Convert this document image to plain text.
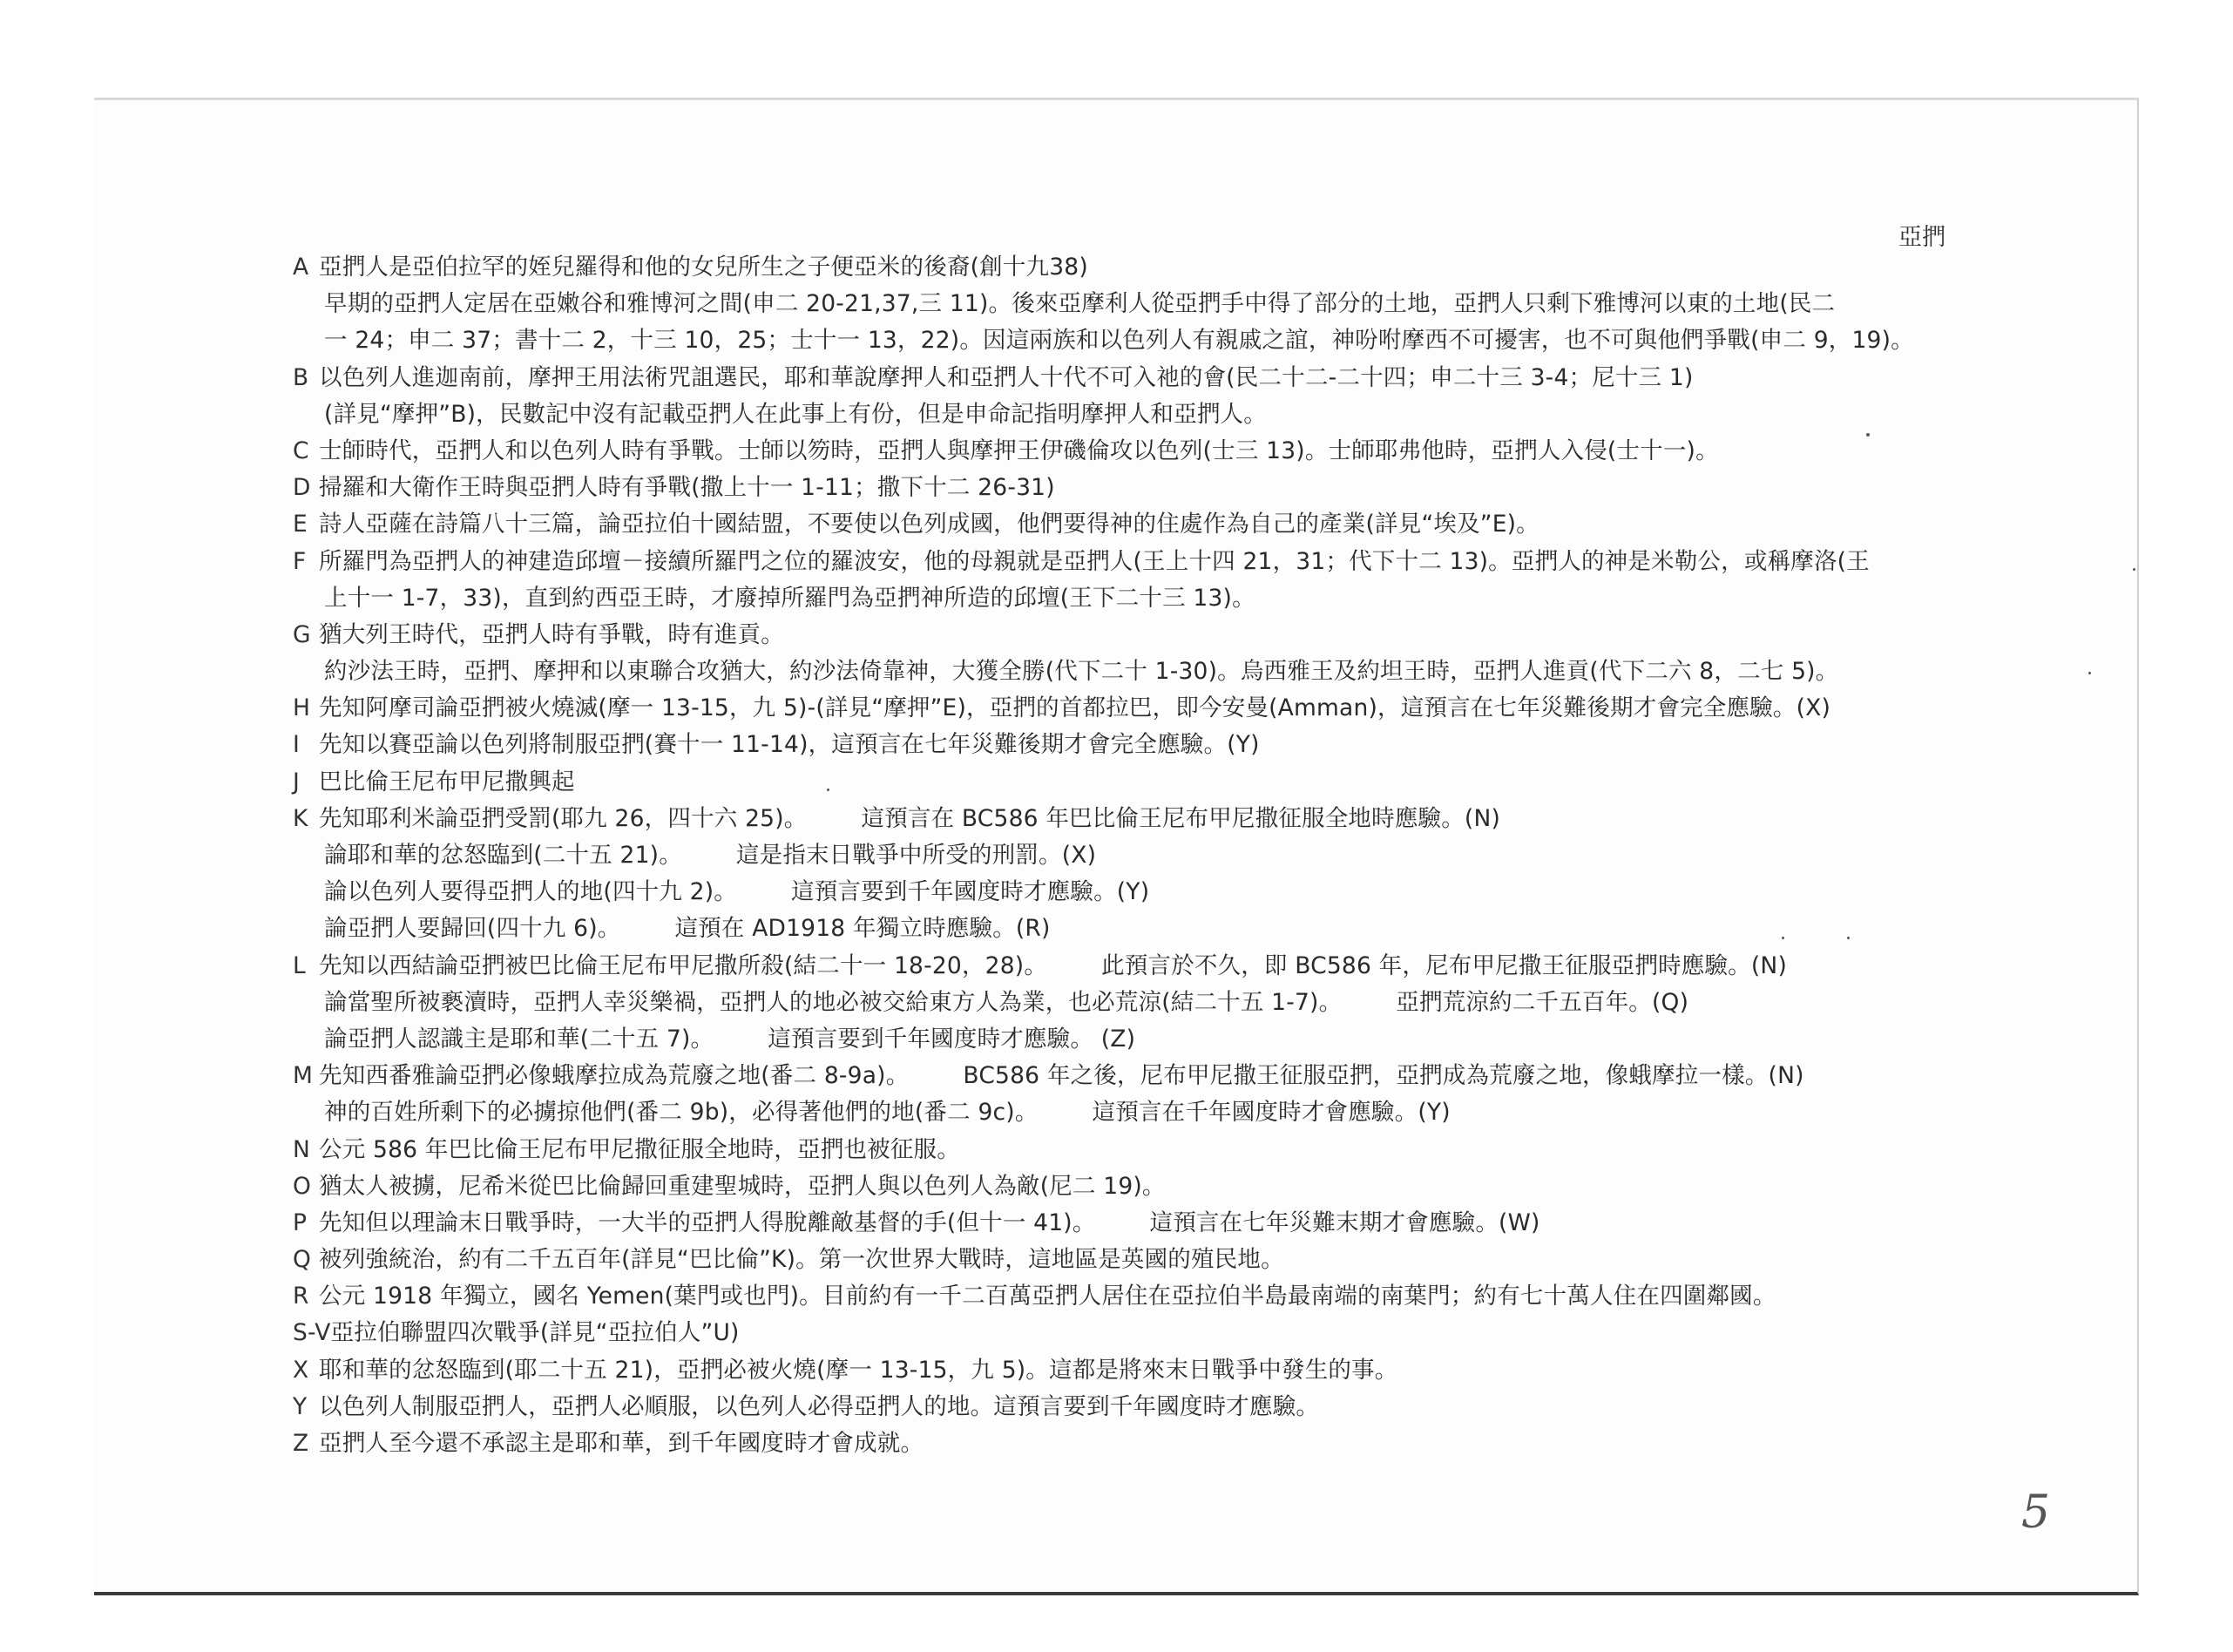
亞捫
A 亞捫人是亞伯拉罕的姪兒羅得和他的女兒所生之子便亞米的後裔(創十九38)
早期的亞捫人定居在亞嫩谷和雅博河之間(申二 20-21,37,三 11)。後來亞摩利人從亞捫手中得了部分的土地，亞捫人只剩下雅博河以東的土地(民二
一 24；申二 37；書十二 2，十三 10，25；士十一 13，22)。因這兩族和以色列人有親戚之誼，神吩咐摩西不可擾害，也不可與他們爭戰(申二 9，19)。
B 以色列人進迦南前，摩押王用法術咒詛選民，耶和華說摩押人和亞捫人十代不可入祂的會(民二十二-二十四；申二十三 3-4；尼十三 1)
(詳見“摩押”B)，民數記中沒有記載亞捫人在此事上有份，但是申命記指明摩押人和亞捫人。
C 士師時代，亞捫人和以色列人時有爭戰。士師以笏時，亞捫人與摩押王伊磯倫攻以色列(士三 13)。士師耶弗他時，亞捫人入侵(士十一)。
D 掃羅和大衛作王時與亞捫人時有爭戰(撒上十一 1-11；撒下十二 26-31)
E 詩人亞薩在詩篇八十三篇，論亞拉伯十國結盟，不要使以色列成國，他們要得神的住處作為自己的產業(詳見“埃及”E)。
F 所羅門為亞捫人的神建造邱壇－接續所羅門之位的羅波安，他的母親就是亞捫人(王上十四 21，31；代下十二 13)。亞捫人的神是米勒公，或稱摩洛(王
上十一 1-7，33)，直到約西亞王時，才廢掉所羅門為亞捫神所造的邱壇(王下二十三 13)。
G 猶大列王時代，亞捫人時有爭戰，時有進貢。
約沙法王時，亞捫、摩押和以東聯合攻猶大，約沙法倚靠神，大獲全勝(代下二十 1-30)。烏西雅王及約坦王時，亞捫人進貢(代下二六 8，二七 5)。
H 先知阿摩司論亞捫被火燒滅(摩一 13-15，九 5)-(詳見“摩押”E)，亞捫的首都拉巴，即今安曼(Amman)，這預言在七年災難後期才會完全應驗。(X)
I 先知以賽亞論以色列將制服亞捫(賽十一 11-14)，這預言在七年災難後期才會完全應驗。(Y)
J 巴比倫王尼布甲尼撒興起
K 先知耶利米論亞捫受罰(耶九 26，四十六 25)。 這預言在 BC586 年巴比倫王尼布甲尼撒征服全地時應驗。(N)
論耶和華的忿怒臨到(二十五 21)。 這是指末日戰爭中所受的刑罰。(X)
論以色列人要得亞捫人的地(四十九 2)。 這預言要到千年國度時才應驗。(Y)
論亞捫人要歸回(四十九 6)。 這預在 AD1918 年獨立時應驗。(R)
L 先知以西結論亞捫被巴比倫王尼布甲尼撒所殺(結二十一 18-20，28)。 此預言於不久，即 BC586 年，尼布甲尼撒王征服亞捫時應驗。(N)
論當聖所被褻瀆時，亞捫人幸災樂禍，亞捫人的地必被交給東方人為業，也必荒涼(結二十五 1-7)。 亞捫荒涼約二千五百年。(Q)
論亞捫人認識主是耶和華(二十五 7)。 這預言要到千年國度時才應驗。 (Z)
M 先知西番雅論亞捫必像蛾摩拉成為荒廢之地(番二 8-9a)。 BC586 年之後，尼布甲尼撒王征服亞捫，亞捫成為荒廢之地，像蛾摩拉一樣。(N)
神的百姓所剩下的必擄掠他們(番二 9b)，必得著他們的地(番二 9c)。 這預言在千年國度時才會應驗。(Y)
N 公元 586 年巴比倫王尼布甲尼撒征服全地時，亞捫也被征服。
O 猶太人被擄，尼希米從巴比倫歸回重建聖城時，亞捫人與以色列人為敵(尼二 19)。
P 先知但以理論末日戰爭時，一大半的亞捫人得脫離敵基督的手(但十一 41)。 這預言在七年災難末期才會應驗。(W)
Q 被列強統治，約有二千五百年(詳見“巴比倫”K)。第一次世界大戰時，這地區是英國的殖民地。
R 公元 1918 年獨立，國名 Yemen(葉門或也門)。目前約有一千二百萬亞捫人居住在亞拉伯半島最南端的南葉門；約有七十萬人住在四圍鄰國。
S-V亞拉伯聯盟四次戰爭(詳見“亞拉伯人”U)
X 耶和華的忿怒臨到(耶二十五 21)，亞捫必被火燒(摩一 13-15，九 5)。這都是將來末日戰爭中發生的事。
Y 以色列人制服亞捫人，亞捫人必順服，以色列人必得亞捫人的地。這預言要到千年國度時才應驗。
Z 亞捫人至今還不承認主是耶和華，到千年國度時才會成就。
5
